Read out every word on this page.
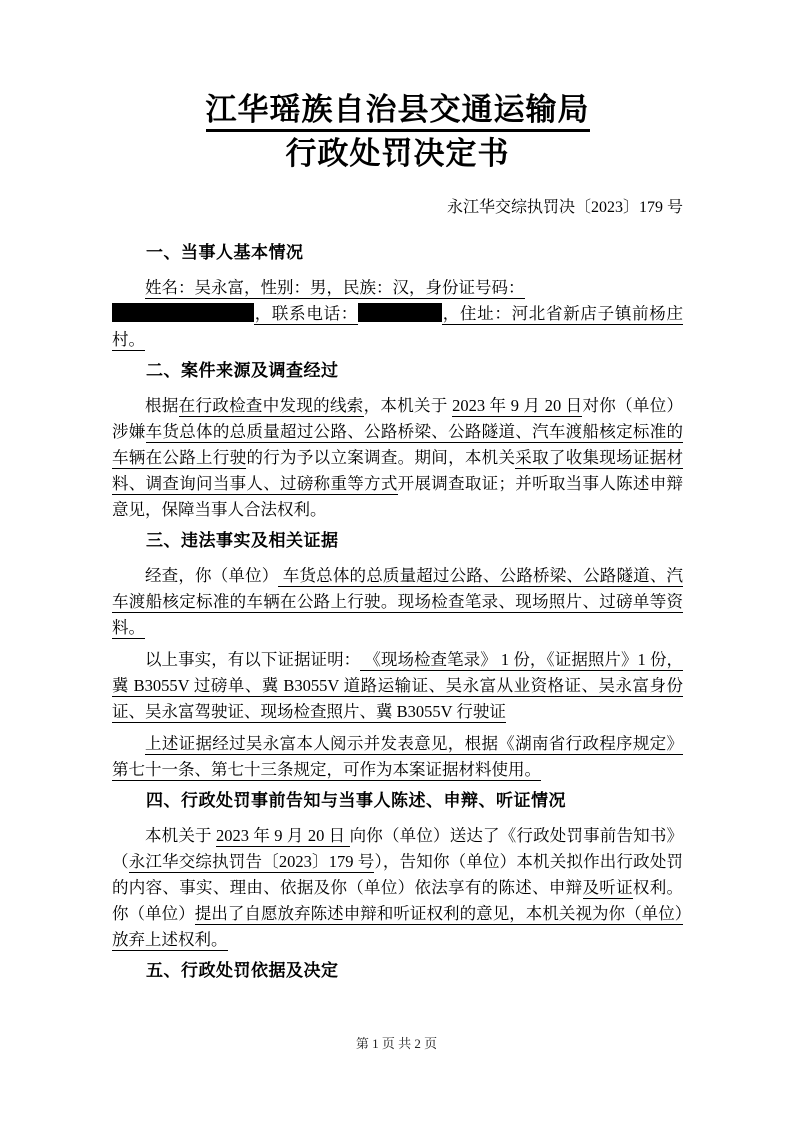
江华瑶族自治县交通运输局
行政处罚决定书
永江华交综执罚决〔2023〕179 号
一、当事人基本情况

姓名：吴永富，性别：男，民族：汉，身份证号码：
，联系电话：	，住址：河北省新店子镇前杨庄村。

二、案件来源及调查经过

根据在行政检查中发现的线索，本机关于 2023 年 9 月 20 日对你（单位）涉嫌车货总体的总质量超过公路、公路桥梁、公路隧道、汽车渡船核定标准的车辆在公路上行驶的行为予以立案调查。期间，本机关采取了收集现场证据材料、调查询问当事人、过磅称重等方式开展调查取证；并听取当事人陈述申辩意见，保障当事人合法权利。

三、违法事实及相关证据

经查，你（单位） 车货总体的总质量超过公路、公路桥梁、公路隧道、汽车渡船核定标准的车辆在公路上行驶。现场检查笔录、现场照片、过磅单等资料。

以上事实，有以下证据证明： 《现场检查笔录》 1 份，《证据照片》1 份，冀 B3055V 过磅单、冀 B3055V 道路运输证、吴永富从业资格证、吴永富身份证、吴永富驾驶证、现场检查照片、冀 B3055V 行驶证

上述证据经过吴永富本人阅示并发表意见，根据《湖南省行政程序规定》第七十一条、第七十三条规定，可作为本案证据材料使用。

四、行政处罚事前告知与当事人陈述、申辩、听证情况

本机关于 2023 年 9 月 20 日 向你（单位）送达了《行政处罚事前告知书》（永江华交综执罚告〔2023〕179 号），告知你（单位）本机关拟作出行政处罚的内容、事实、理由、依据及你（单位）依法享有的陈述、申辩及听证权利。你（单位）提出了自愿放弃陈述申辩和听证权利的意见，本机关视为你（单位）放弃上述权利。

五、行政处罚依据及决定
第 1 页 共 2 页
